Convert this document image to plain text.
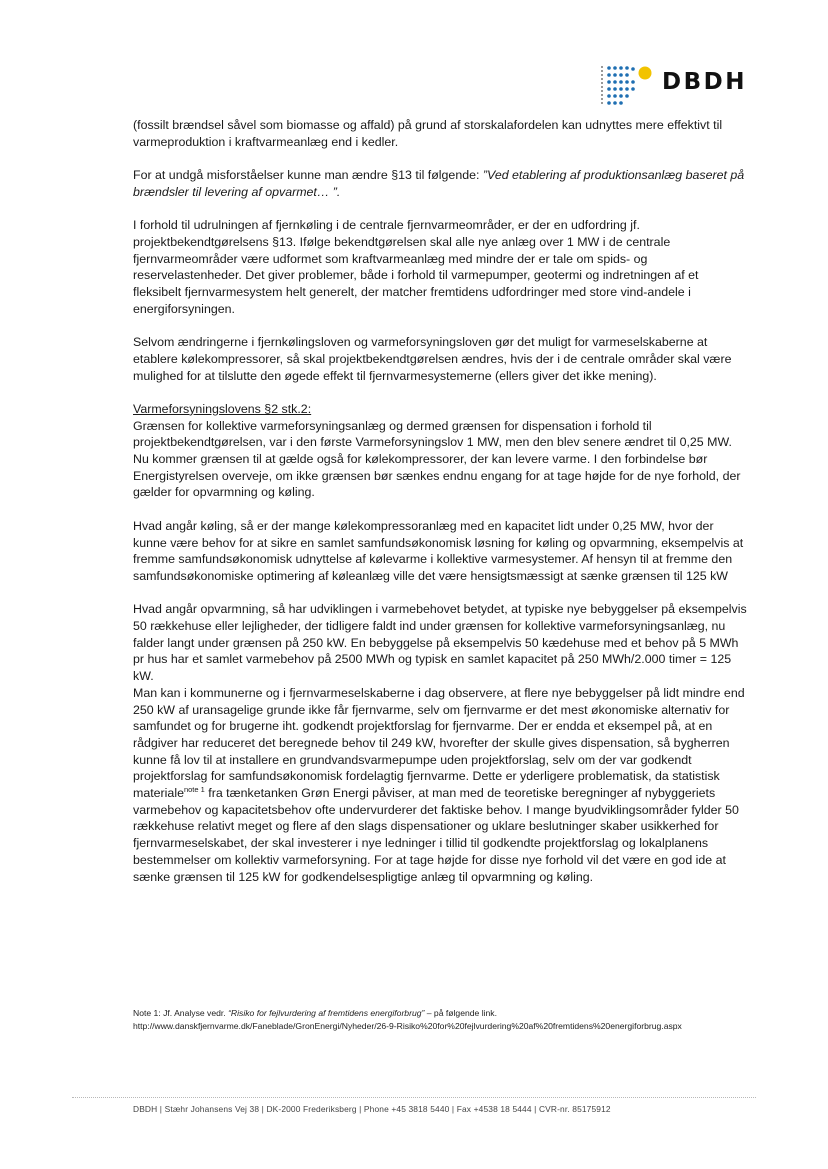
DBDH

(fossilt brændsel såvel som biomasse og affald) på grund af storskalafordelen kan udnyttes mere effektivt til varmeproduktion i kraftvarmeanlæg end i kedler.

For at undgå misforståelser kunne man ændre §13 til følgende: ”Ved etablering af produktionsanlæg baseret på brændsler til levering af opvarmet… ”.

I forhold til udrulningen af fjernkøling i de centrale fjernvarmeområder, er der en udfordring jf. projektbekendtgørelsens §13. Ifølge bekendtgørelsen skal alle nye anlæg over 1 MW i de centrale fjernvarmeområder være udformet som kraftvarmeanlæg med mindre der er tale om spids- og reservelastenheder. Det giver problemer, både i forhold til varmepumper, geotermi og indretningen af et fleksibelt fjernvarmesystem helt generelt, der matcher fremtidens udfordringer med store vind-andele i energiforsyningen.

Selvom ændringerne i fjernkølingsloven og varmeforsyningsloven gør det muligt for varmeselskaberne at etablere kølekompressorer, så skal projektbekendtgørelsen ændres, hvis der i de centrale områder skal være mulighed for at tilslutte den øgede effekt til fjernvarmesystemerne (ellers giver det ikke mening).

Varmeforsyningslovens §2 stk.2:

Grænsen for kollektive varmeforsyningsanlæg og dermed grænsen for dispensation i forhold til projektbekendtgørelsen, var i den første Varmeforsyningslov 1 MW, men den blev senere ændret til 0,25 MW. Nu kommer grænsen til at gælde også for kølekompressorer, der kan levere varme. I den forbindelse bør Energistyrelsen overveje, om ikke grænsen bør sænkes endnu engang for at tage højde for de nye forhold, der gælder for opvarmning og køling.

Hvad angår køling, så er der mange kølekompressoranlæg med en kapacitet lidt under 0,25 MW, hvor der kunne være behov for at sikre en samlet samfundsøkonomisk løsning for køling og opvarmning, eksempelvis at fremme samfundsøkonomisk udnyttelse af kølevarme i kollektive varmesystemer. Af hensyn til at fremme den samfundsøkonomiske optimering af køleanlæg ville det være hensigtsmæssigt at sænke grænsen til 125 kW

Hvad angår opvarmning, så har udviklingen i varmebehovet betydet, at typiske nye bebyggelser på eksempelvis 50 rækkehuse eller lejligheder, der tidligere faldt ind under grænsen for kollektive varmeforsyningsanlæg, nu falder langt under grænsen på 250 kW. En bebyggelse på eksempelvis 50 kædehuse med et behov på 5 MWh pr hus har et samlet varmebehov på 2500 MWh og typisk en samlet kapacitet på 250 MWh/2.000 timer = 125 kW.

Man kan i kommunerne og i fjernvarmeselskaberne i dag observere, at flere nye bebyggelser på lidt mindre end 250 kW af uransagelige grunde ikke får fjernvarme, selv om fjernvarme er det mest økonomiske alternativ for samfundet og for brugerne iht. godkendt projektforslag for fjernvarme. Der er endda et eksempel på, at en rådgiver har reduceret det beregnede behov til 249 kW, hvorefter der skulle gives dispensation, så bygherren kunne få lov til at installere en grundvandsvarmepumpe uden projektforslag, selv om der var godkendt projektforslag for samfundsøkonomisk fordelagtig fjernvarme. Dette er yderligere problematisk, da statistisk materiale$^{note 1}$ fra tænketanken Grøn Energi påviser, at man med de teoretiske beregninger af nybyggeriets varmebehov og kapacitetsbehov ofte undervurderer det faktiske behov. I mange byudviklingsområder fylder 50 rækkehuse relativt meget og flere af den slags dispensationer og uklare beslutninger skaber usikkerhed for fjernvarmeselskabet, der skal investerer i nye ledninger i tillid til godkendte projektforslag og lokalplanens bestemmelser om kollektiv varmeforsyning. For at tage højde for disse nye forhold vil det være en god ide at sænke grænsen til 125 kW for godkendelsespligtige anlæg til opvarmning og køling.

Note 1: Jf. Analyse vedr. “Risiko for fejlvurdering af fremtidens energiforbrug” – på følgende link.
http://www.danskfjernvarme.dk/Faneblade/GronEnergi/Nyheder/26-9-Risiko%20for%20fejlvurdering%20af%20fremtidens%20energiforbrug.aspx
DBDH | Stæhr Johansens Vej 38 | DK-2000 Frederiksberg | Phone +45 3818 5440 | Fax +4538 18 5444 | CVR-nr. 85175912
